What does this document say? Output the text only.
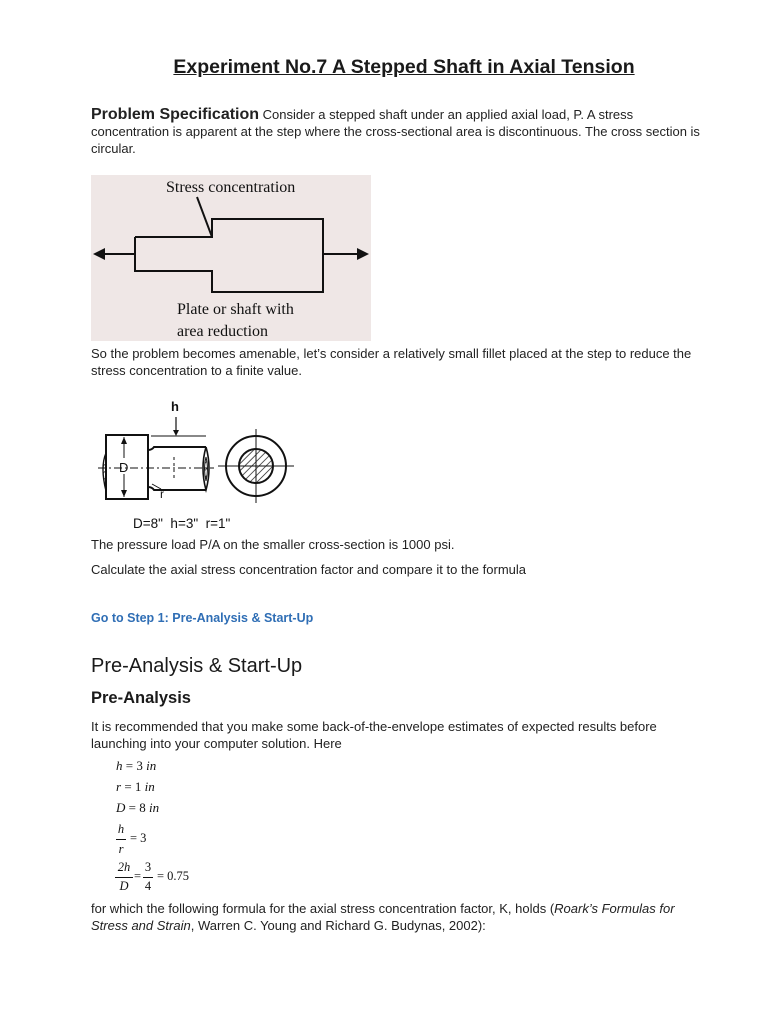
Experiment No.7 A Stepped Shaft in Axial Tension

Problem Specification Consider a stepped shaft under an applied axial load, P. A stress concentration is apparent at the step where the cross-sectional area is discontinuous. The cross section is circular.

Stress concentration
Plate or shaft with
area reduction

So the problem becomes amenable, let’s consider a relatively small fillet placed at the step to reduce the stress concentration to a finite value.

h
D
r
D=8"  h=3"  r=1"

The pressure load P/A on the smaller cross-section is 1000 psi.

Calculate the axial stress concentration factor and compare it to the formula

Go to Step 1: Pre-Analysis & Start-Up

Pre-Analysis & Start-Up
Pre-Analysis

It is recommended that you make some back-of-the-envelope estimates of expected results before launching into your computer solution. Here

h = 3 in
r = 1 in
D = 8 in
h
r
= 3
2h
D
=
3
4
= 0.75

for which the following formula for the axial stress concentration factor, K, holds (Roark’s Formulas for Stress and Strain, Warren C. Young and Richard G. Budynas, 2002):
